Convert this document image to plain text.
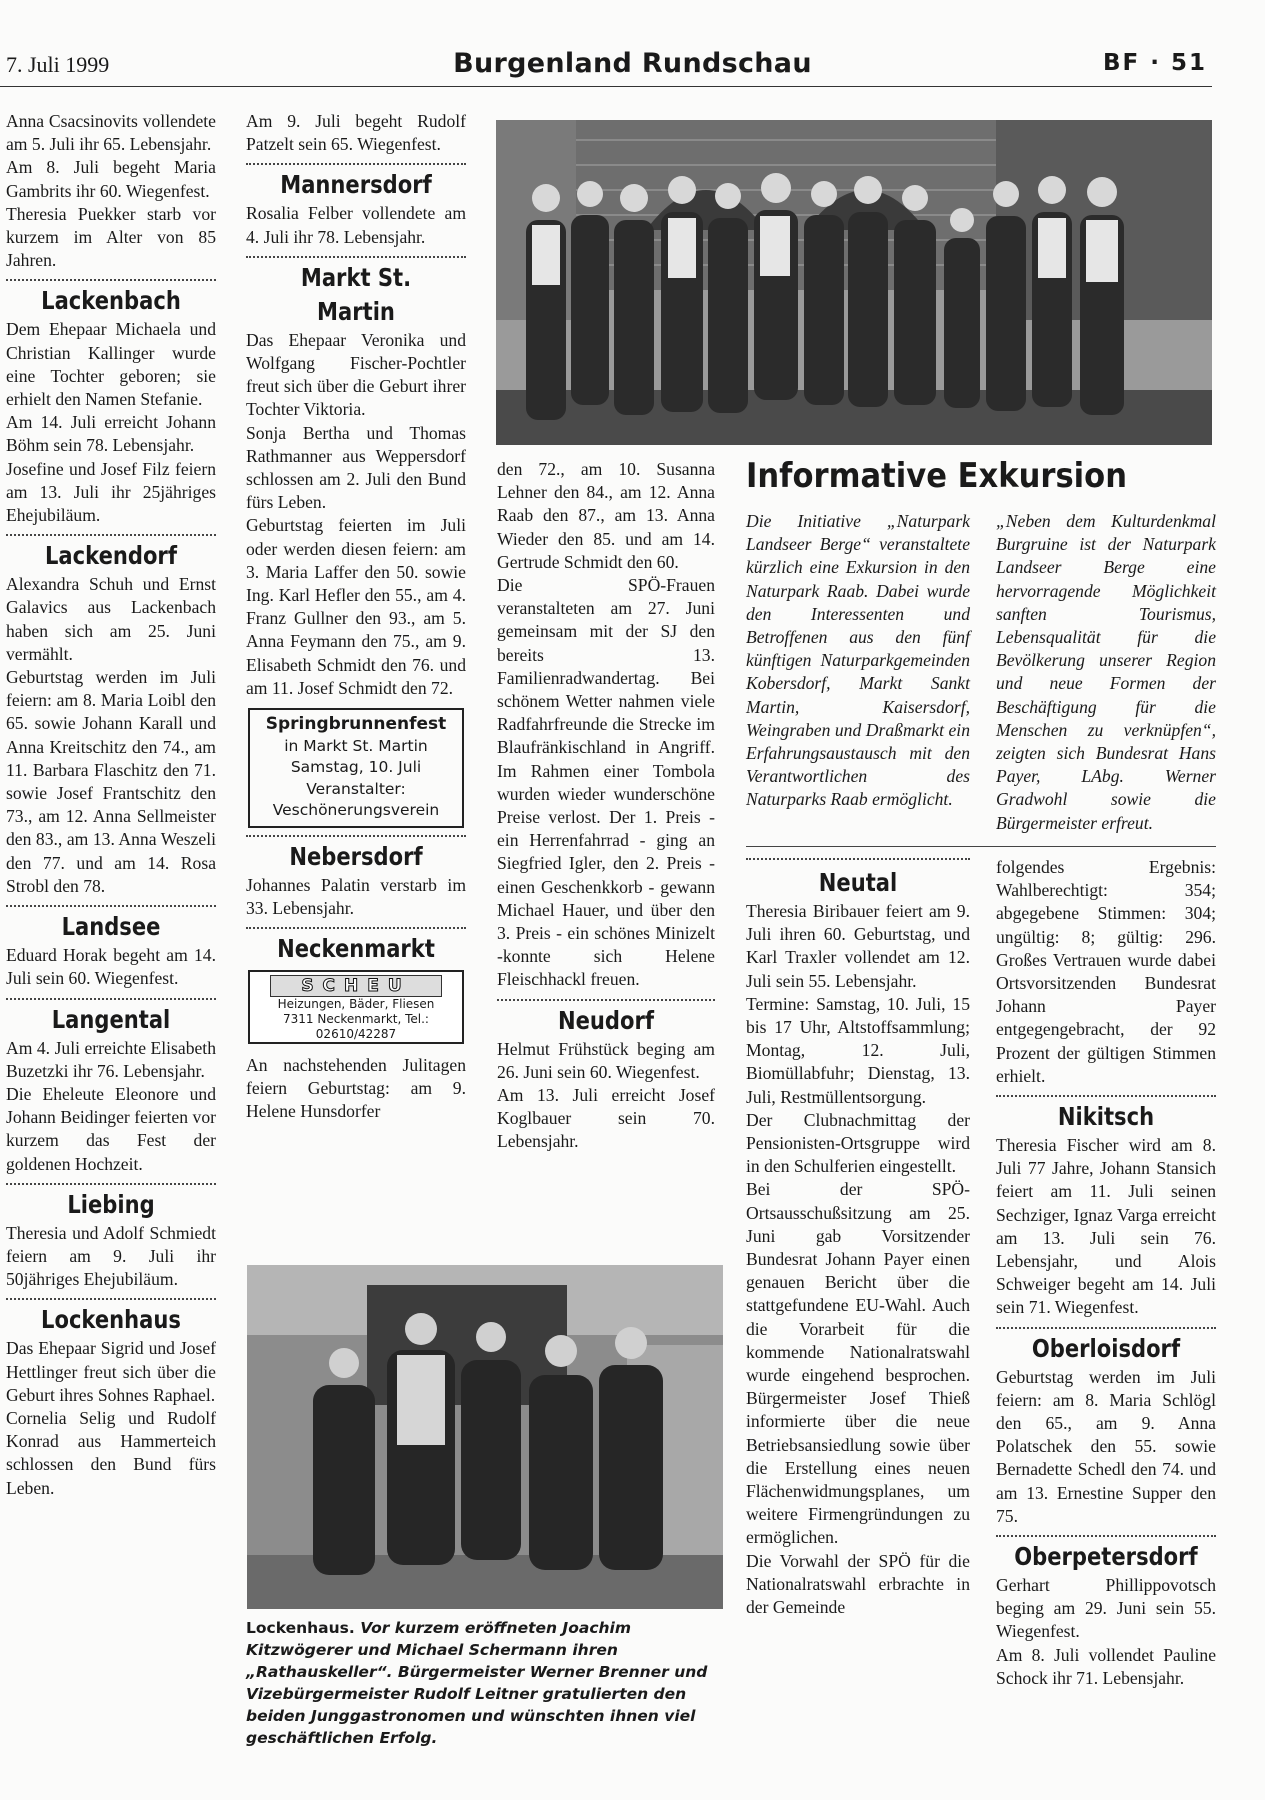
7. Juli 1999	Burgenland Rundschau	BF · 51

Anna Csacsinovits vollendete am 5. Juli ihr 65. Lebensjahr.

Am 8. Juli begeht Maria Gambrits ihr 60. Wiegenfest.

Theresia Puekker starb vor kurzem im Alter von 85 Jahren.

Lackenbach

Dem Ehepaar Michaela und Christian Kallinger wurde eine Tochter geboren; sie erhielt den Namen Stefanie.

Am 14. Juli erreicht Johann Böhm sein 78. Lebensjahr.

Josefine und Josef Filz feiern am 13. Juli ihr 25jähriges Ehejubiläum.

Lackendorf

Alexandra Schuh und Ernst Galavics aus Lackenbach haben sich am 25. Juni vermählt.

Geburtstag werden im Juli feiern: am 8. Maria Loibl den 65. sowie Johann Karall und Anna Kreitschitz den 74., am 11. Barbara Flaschitz den 71. sowie Josef Frantschitz den 73., am 12. Anna Sellmeister den 83., am 13. Anna Weszeli den 77. und am 14. Rosa Strobl den 78.

Landsee

Eduard Horak begeht am 14. Juli sein 60. Wiegenfest.

Langental

Am 4. Juli erreichte Elisabeth Buzetzki ihr 76. Lebensjahr.

Die Eheleute Eleonore und Johann Beidinger feierten vor kurzem das Fest der goldenen Hochzeit.

Liebing

Theresia und Adolf Schmiedt feiern am 9. Juli ihr 50jähriges Ehejubiläum.

Lockenhaus

Das Ehepaar Sigrid und Josef Hettlinger freut sich über die Geburt ihres Sohnes Raphael.

Cornelia Selig und Rudolf Konrad aus Hammerteich schlossen den Bund fürs Leben.

Am 9. Juli begeht Rudolf Patzelt sein 65. Wiegenfest.

Mannersdorf

Rosalia Felber vollendete am 4. Juli ihr 78. Lebensjahr.

Markt St. Martin

Das Ehepaar Veronika und Wolfgang Fischer-Pochtler freut sich über die Geburt ihrer Tochter Viktoria.

Sonja Bertha und Thomas Rathmanner aus Weppersdorf schlossen am 2. Juli den Bund fürs Leben.

Geburtstag feierten im Juli oder werden diesen feiern: am 3. Maria Laffer den 50. sowie Ing. Karl Hefler den 55., am 4. Franz Gullner den 93., am 5. Anna Feymann den 75., am 9. Elisabeth Schmidt den 76. und am 11. Josef Schmidt den 72.

Springbrunnenfest
in Markt St. Martin
Samstag, 10. Juli
Veranstalter:
Veschönerungsverein
Nebersdorf

Johannes Palatin verstarb im 33. Lebensjahr.

Neckenmarkt
SCHEU
Heizungen, Bäder, Fliesen
7311 Neckenmarkt, Tel.: 02610/42287

An nachstehenden Julitagen feiern Geburtstag: am 9. Helene Hunsdorfer

den 72., am 10. Susanna Lehner den 84., am 12. Anna Raab den 87., am 13. Anna Wieder den 85. und am 14. Gertrude Schmidt den 60.

Die SPÖ-Frauen veranstalteten am 27. Juni gemeinsam mit der SJ den bereits 13. Familienradwandertag. Bei schönem Wetter nahmen viele Radfahrfreunde die Strecke im Blaufränkischland in Angriff. Im Rahmen einer Tombola wurden wieder wunderschöne Preise verlost. Der 1. Preis - ein Herrenfahrrad - ging an Siegfried Igler, den 2. Preis - einen Geschenkkorb - gewann Michael Hauer, und über den 3. Preis - ein schönes Minizelt -konnte sich Helene Fleischhackl freuen.

Neudorf

Helmut Frühstück beging am 26. Juni sein 60. Wiegenfest.

Am 13. Juli erreicht Josef Koglbauer sein 70. Lebensjahr.

Neutal

Theresia Biribauer feiert am 9. Juli ihren 60. Geburtstag, und Karl Traxler vollendet am 12. Juli sein 55. Lebensjahr.

Termine: Samstag, 10. Juli, 15 bis 17 Uhr, Altstoffsammlung; Montag, 12. Juli, Biomüllabfuhr; Dienstag, 13. Juli, Restmüllentsorgung.

Der Clubnachmittag der Pensionisten-Ortsgruppe wird in den Schulferien eingestellt.

Bei der SPÖ-Ortsausschußsitzung am 25. Juni gab Vorsitzender Bundesrat Johann Payer einen genauen Bericht über die stattgefundene EU-Wahl. Auch die Vorarbeit für die kommende Nationalratswahl wurde eingehend besprochen. Bürgermeister Josef Thieß informierte über die neue Betriebsansiedlung sowie über die Erstellung eines neuen Flächenwidmungsplanes, um weitere Firmengründungen zu ermöglichen.

Die Vorwahl der SPÖ für die Nationalratswahl erbrachte in der Gemeinde

folgendes Ergebnis: Wahlberechtigt: 354; abgegebene Stimmen: 304; ungültig: 8; gültig: 296. Großes Vertrauen wurde dabei Ortsvorsitzenden Bundesrat Johann Payer entgegengebracht, der 92 Prozent der gültigen Stimmen erhielt.

Nikitsch

Theresia Fischer wird am 8. Juli 77 Jahre, Johann Stansich feiert am 11. Juli seinen Sechziger, Ignaz Varga erreicht am 13. Juli sein 76. Lebensjahr, und Alois Schweiger begeht am 14. Juli sein 71. Wiegenfest.

Oberloisdorf

Geburtstag werden im Juli feiern: am 8. Maria Schlögl den 65., am 9. Anna Polatschek den 55. sowie Bernadette Schedl den 74. und am 13. Ernestine Supper den 75.

Oberpetersdorf

Gerhart Phillippovotsch beging am 29. Juni sein 55. Wiegenfest.

Am 8. Juli vollendet Pauline Schock ihr 71. Lebensjahr.

Informative Exkursion

Die Initiative „Naturpark Landseer Berge“ veranstaltete kürzlich eine Exkursion in den Naturpark Raab. Dabei wurde den Interessenten und Betroffenen aus den fünf künftigen Naturparkgemeinden Kobersdorf, Markt Sankt Martin, Kaisersdorf, Weingraben und Draßmarkt ein Erfahrungsaustausch mit den Verantwortlichen des Naturparks Raab ermöglicht.

„Neben dem Kulturdenkmal Burgruine ist der Naturpark Landseer Berge eine hervorragende Möglichkeit sanften Tourismus, Lebensqualität für die Bevölkerung unserer Region und neue Formen der Beschäftigung für die Menschen zu verknüpfen“, zeigten sich Bundesrat Hans Payer, LAbg. Werner Gradwohl sowie die Bürgermeister erfreut.

Lockenhaus. Vor kurzem eröffneten Joachim Kitzwögerer und Michael Schermann ihren „Rathauskeller“. Bürgermeister Werner Brenner und Vizebürgermeister Rudolf Leitner gratulierten den beiden Junggastronomen und wünschten ihnen viel geschäftlichen Erfolg.
